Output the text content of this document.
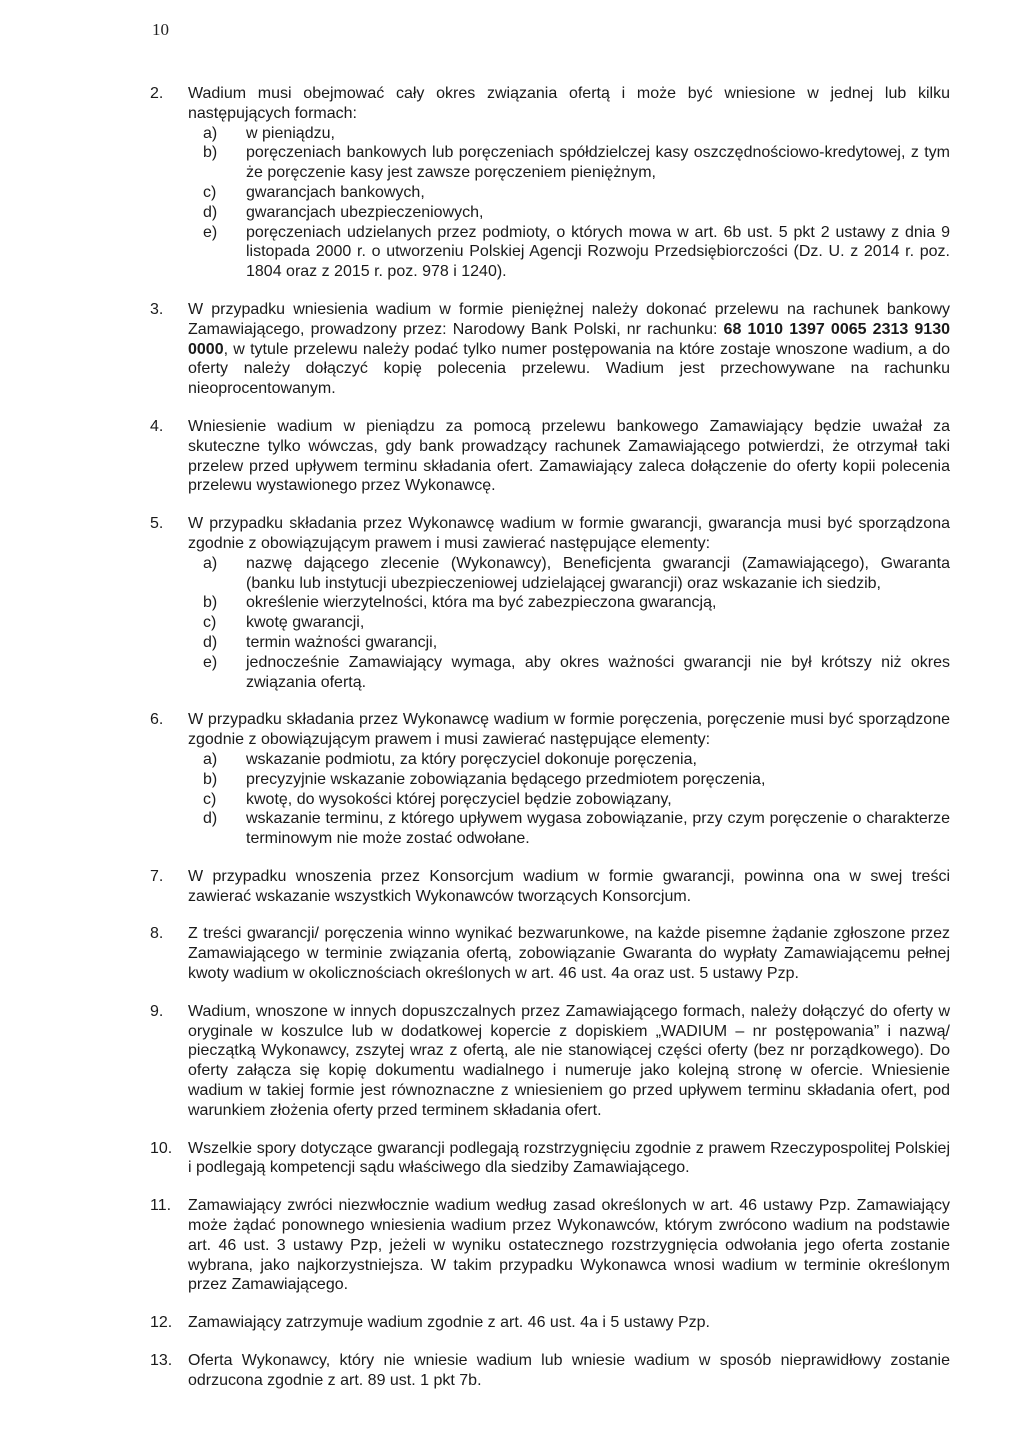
10
2. Wadium musi obejmować cały okres związania ofertą i może być wniesione w jednej lub kilku następujących formach:
a) w pieniądzu,
b) poręczeniach bankowych lub poręczeniach spółdzielczej kasy oszczędnościowo-kredytowej, z tym że poręczenie kasy jest zawsze poręczeniem pieniężnym,
c) gwarancjach bankowych,
d) gwarancjach ubezpieczeniowych,
e) poręczeniach udzielanych przez podmioty, o których mowa w art. 6b ust. 5 pkt 2 ustawy z dnia 9 listopada 2000 r. o utworzeniu Polskiej Agencji Rozwoju Przedsiębiorczości (Dz. U. z 2014 r. poz. 1804 oraz z 2015 r. poz. 978 i 1240).
3. W przypadku wniesienia wadium w formie pieniężnej należy dokonać przelewu na rachunek bankowy Zamawiającego, prowadzony przez: Narodowy Bank Polski, nr rachunku: 68 1010 1397 0065 2313 9130 0000, w tytule przelewu należy podać tylko numer postępowania na które zostaje wnoszone wadium, a do oferty należy dołączyć kopię polecenia przelewu. Wadium jest przechowywane na rachunku nieoprocentowanym.
4. Wniesienie wadium w pieniądzu za pomocą przelewu bankowego Zamawiający będzie uważał za skuteczne tylko wówczas, gdy bank prowadzący rachunek Zamawiającego potwierdzi, że otrzymał taki przelew przed upływem terminu składania ofert. Zamawiający zaleca dołączenie do oferty kopii polecenia przelewu wystawionego przez Wykonawcę.
5. W przypadku składania przez Wykonawcę wadium w formie gwarancji, gwarancja musi być sporządzona zgodnie z obowiązującym prawem i musi zawierać następujące elementy:
a) nazwę dającego zlecenie (Wykonawcy), Beneficjenta gwarancji (Zamawiającego), Gwaranta (banku lub instytucji ubezpieczeniowej udzielającej gwarancji) oraz wskazanie ich siedzib,
b) określenie wierzytelności, która ma być zabezpieczona gwarancją,
c) kwotę gwarancji,
d) termin ważności gwarancji,
e) jednocześnie Zamawiający wymaga, aby okres ważności gwarancji nie był krótszy niż okres związania ofertą.
6. W przypadku składania przez Wykonawcę wadium w formie poręczenia, poręczenie musi być sporządzone zgodnie z obowiązującym prawem i musi zawierać następujące elementy:
a) wskazanie podmiotu, za który poręczyciel dokonuje poręczenia,
b) precyzyjnie wskazanie zobowiązania będącego przedmiotem poręczenia,
c) kwotę, do wysokości której poręczyciel będzie zobowiązany,
d) wskazanie terminu, z którego upływem wygasa zobowiązanie, przy czym poręczenie o charakterze terminowym nie może zostać odwołane.
7. W przypadku wnoszenia przez Konsorcjum wadium w formie gwarancji, powinna ona w swej treści zawierać wskazanie wszystkich Wykonawców tworzących Konsorcjum.
8. Z treści gwarancji/ poręczenia winno wynikać bezwarunkowe, na każde pisemne żądanie zgłoszone przez Zamawiającego w terminie związania ofertą, zobowiązanie Gwaranta do wypłaty Zamawiającemu pełnej kwoty wadium w okolicznościach określonych w art. 46 ust. 4a oraz ust. 5 ustawy Pzp.
9. Wadium, wnoszone w innych dopuszczalnych przez Zamawiającego formach, należy dołączyć do oferty w oryginale w koszulce lub w dodatkowej kopercie z dopiskiem „WADIUM – nr postępowania” i nazwą/ pieczątką Wykonawcy, zszytej wraz z ofertą, ale nie stanowiącej części oferty (bez nr porządkowego). Do oferty załącza się kopię dokumentu wadialnego i numeruje jako kolejną stronę w ofercie. Wniesienie wadium w takiej formie jest równoznaczne z wniesieniem go przed upływem terminu składania ofert, pod warunkiem złożenia oferty przed terminem składania ofert.
10. Wszelkie spory dotyczące gwarancji podlegają rozstrzygnięciu zgodnie z prawem Rzeczypospolitej Polskiej i podlegają kompetencji sądu właściwego dla siedziby Zamawiającego.
11. Zamawiający zwróci niezwłocznie wadium według zasad określonych w art. 46 ustawy Pzp. Zamawiający może żądać ponownego wniesienia wadium przez Wykonawców, którym zwrócono wadium na podstawie art. 46 ust. 3 ustawy Pzp, jeżeli w wyniku ostatecznego rozstrzygnięcia odwołania jego oferta zostanie wybrana, jako najkorzystniejsza. W takim przypadku Wykonawca wnosi wadium w terminie określonym przez Zamawiającego.
12. Zamawiający zatrzymuje wadium zgodnie z art. 46 ust. 4a i 5 ustawy Pzp.
13. Oferta Wykonawcy, który nie wniesie wadium lub wniesie wadium w sposób nieprawidłowy zostanie odrzucona zgodnie z art. 89 ust. 1 pkt 7b.
